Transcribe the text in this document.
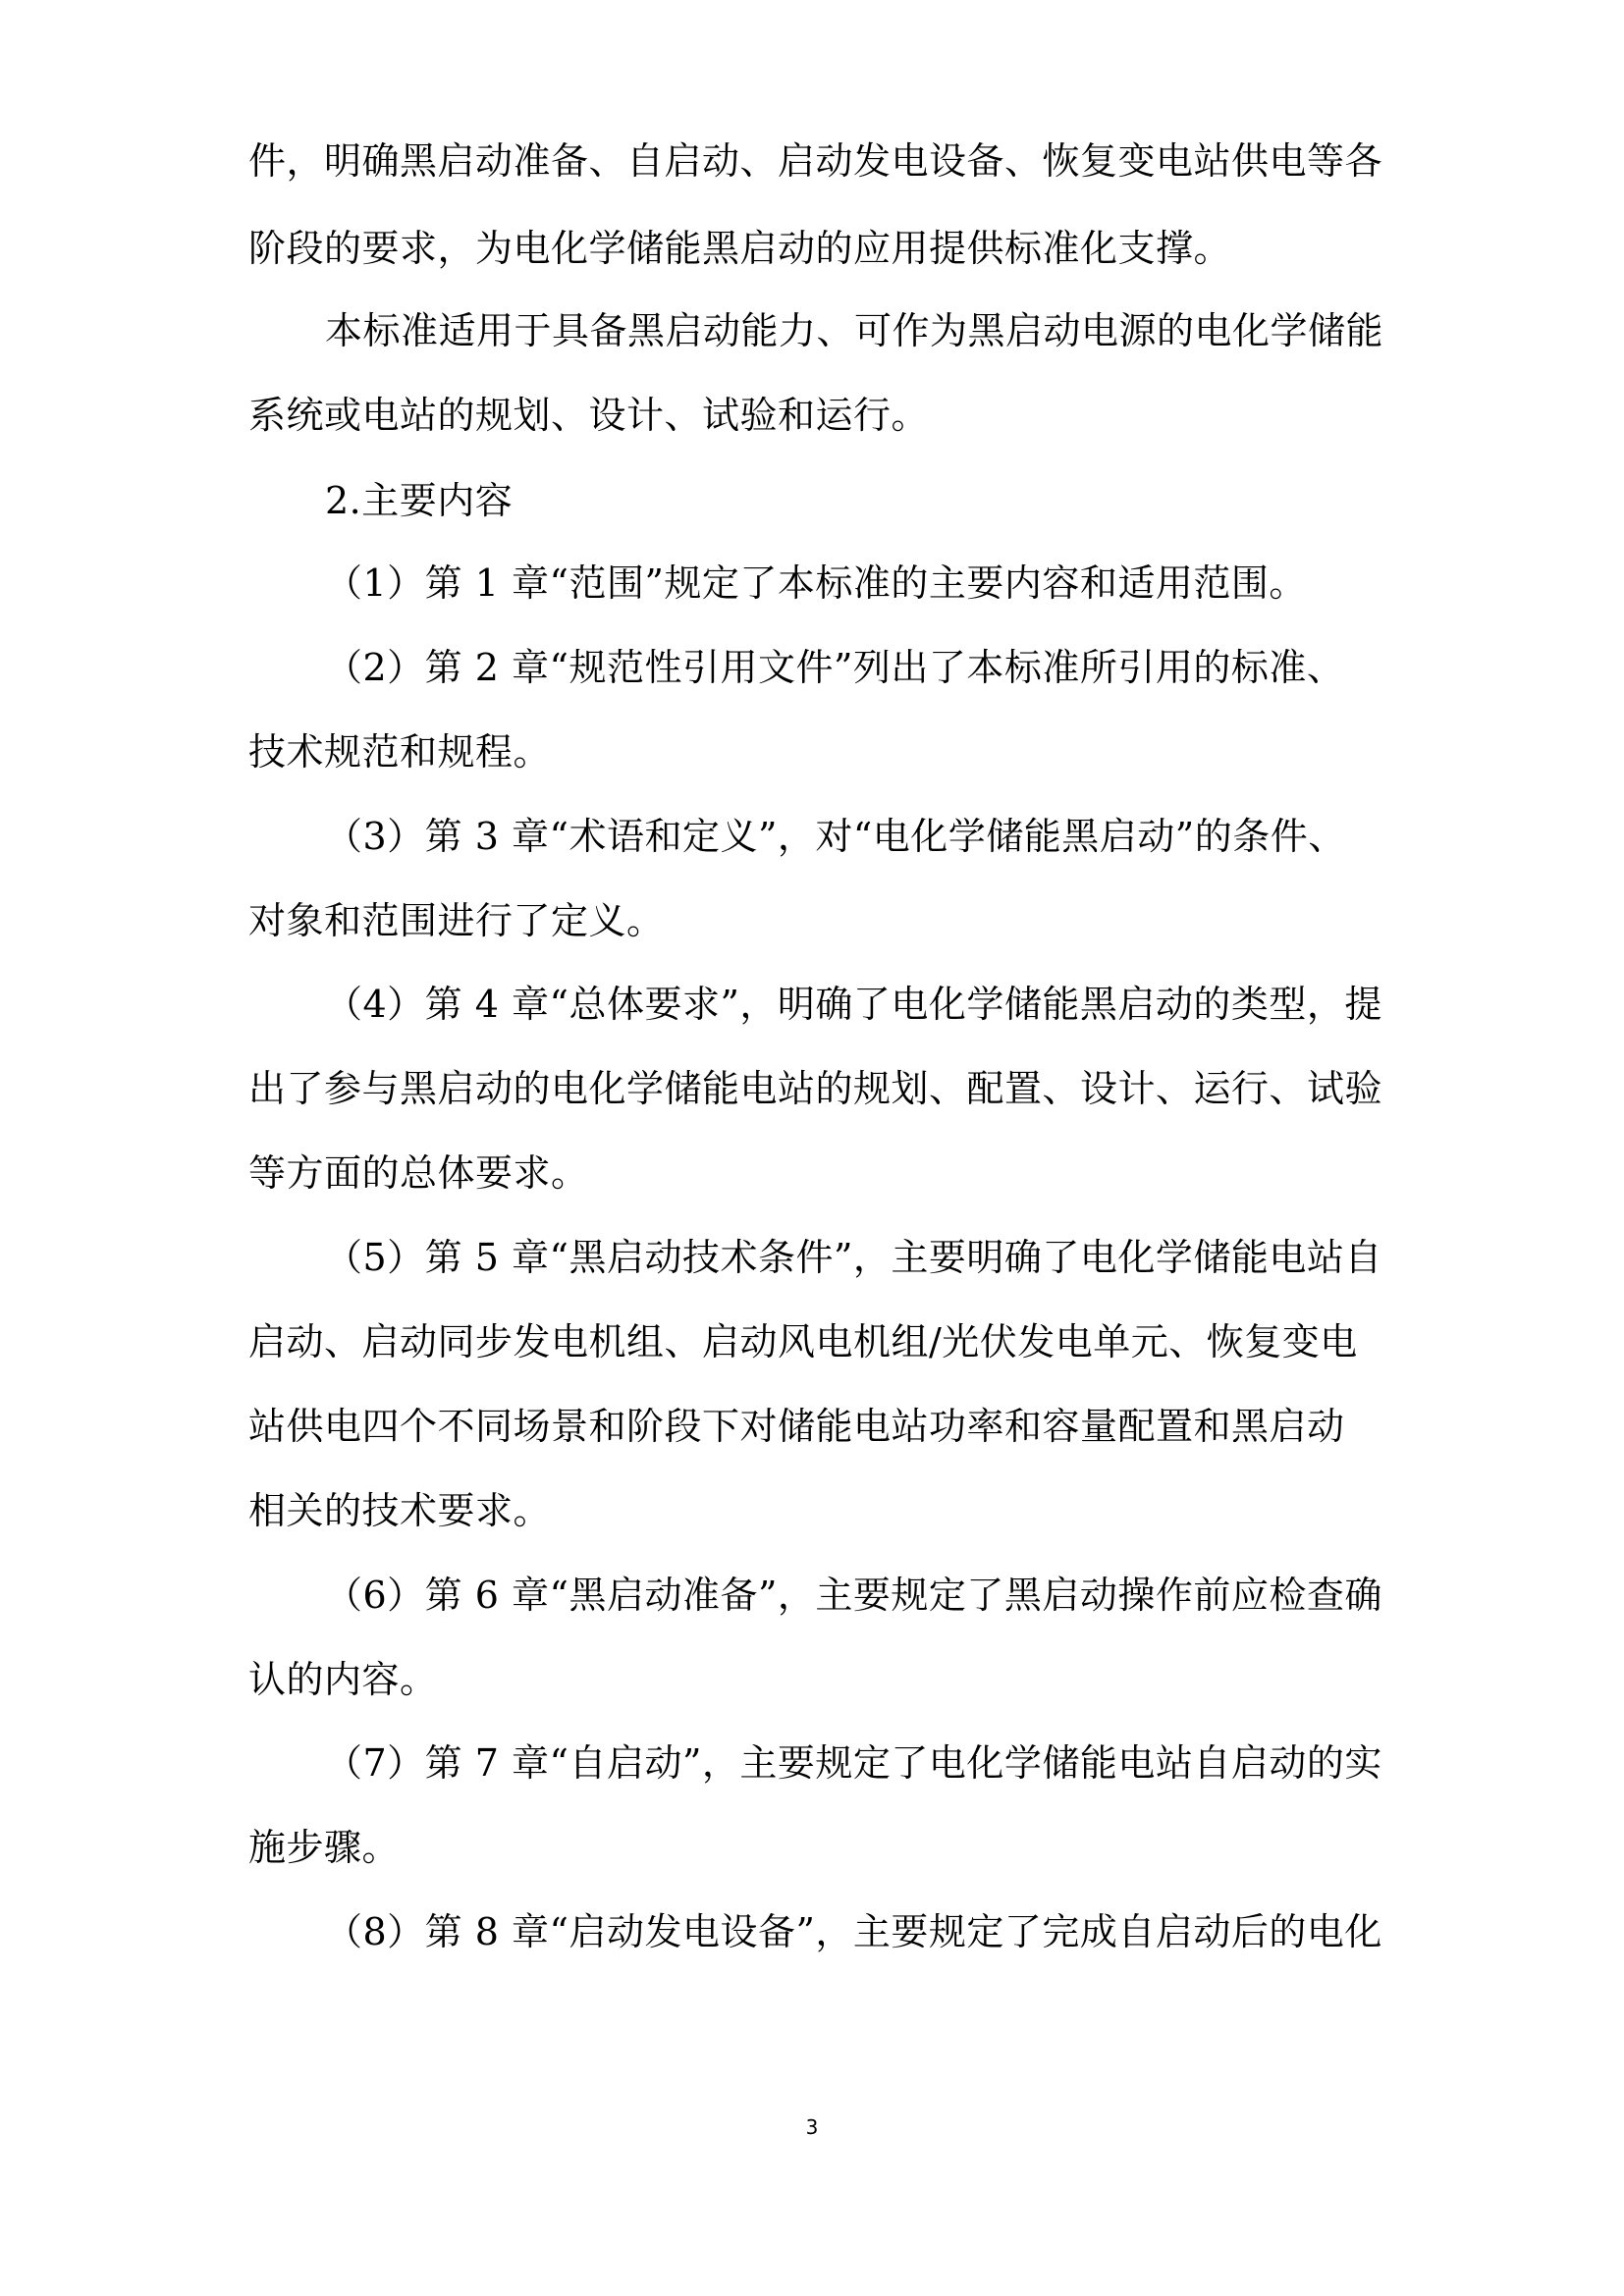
件，明确黑启动准备、自启动、启动发电设备、恢复变电站供电等各
阶段的要求，为电化学储能黑启动的应用提供标准化支撑。
本标准适用于具备黑启动能力、可作为黑启动电源的电化学储能
系统或电站的规划、设计、试验和运行。
2.主要内容
（1）第 1 章“范围”规定了本标准的主要内容和适用范围。
（2）第 2 章“规范性引用文件”列出了本标准所引用的标准、
技术规范和规程。
（3）第 3 章“术语和定义”，对“电化学储能黑启动”的条件、
对象和范围进行了定义。
（4）第 4 章“总体要求”，明确了电化学储能黑启动的类型，提
出了参与黑启动的电化学储能电站的规划、配置、设计、运行、试验
等方面的总体要求。
（5）第 5 章“黑启动技术条件”，主要明确了电化学储能电站自
启动、启动同步发电机组、启动风电机组/光伏发电单元、恢复变电
站供电四个不同场景和阶段下对储能电站功率和容量配置和黑启动
相关的技术要求。
（6）第 6 章“黑启动准备”，主要规定了黑启动操作前应检查确
认的内容。
（7）第 7 章“自启动”，主要规定了电化学储能电站自启动的实
施步骤。
（8）第 8 章“启动发电设备”，主要规定了完成自启动后的电化
3
